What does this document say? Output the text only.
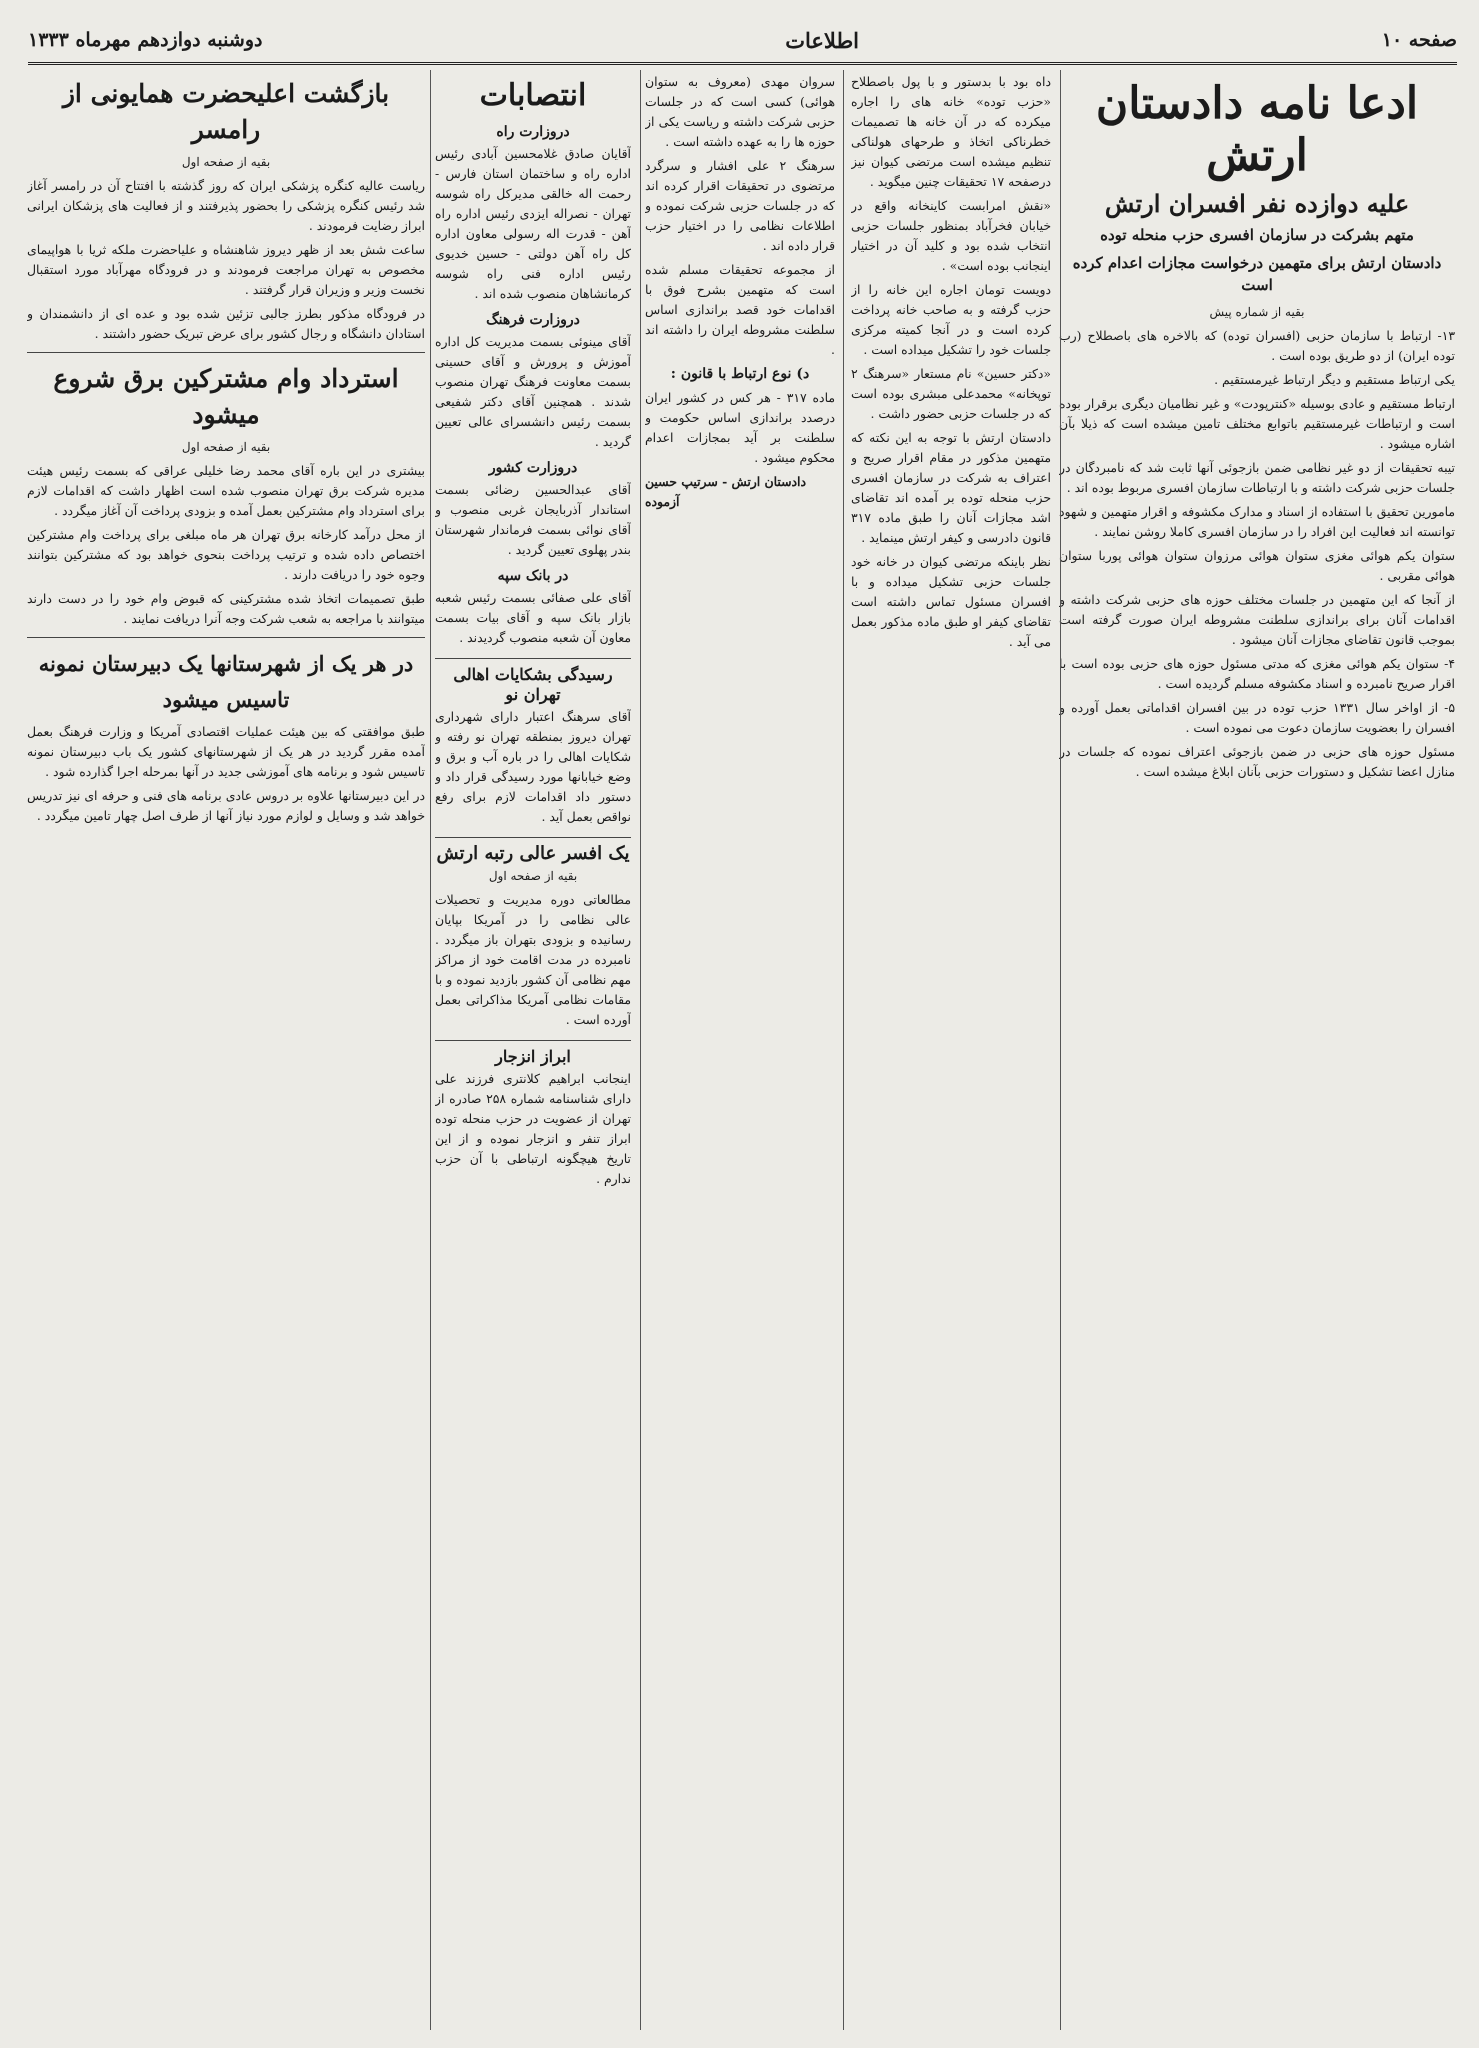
صفحه ۱۰
اطلاعات
دوشنبه دوازدهم مهرماه ۱۳۳۳
ادعا نامه دادستان ارتش
علیه دوازده نفر افسران ارتش
متهم بشرکت در سازمان افسری حزب منحله توده
دادستان ارتش برای متهمین درخواست مجازات اعدام کرده است
بقیه از شماره پیش

۱۳- ارتباط با سازمان حزبی (افسران توده) که بالاخره های باصطلاح (رب توده ایران) از دو طریق بوده است .

یکی ارتباط مستقیم و دیگر ارتباط غیرمستقیم .

ارتباط مستقیم و عادی بوسیله «کنترپودت» و غیر نظامیان دیگری برقرار بوده است و ارتباطات غیرمستقیم باتوابع مختلف تامین میشده است که ذیلا بآن اشاره میشود .

تیبه تحقیقات از دو غیر نظامی ضمن بازجوئی آنها ثابت شد که نامبردگان در جلسات حزبی شرکت داشته و با ارتباطات سازمان افسری مربوط بوده اند .

مامورین تحقیق با استفاده از اسناد و مدارک مکشوفه و اقرار متهمین و شهود توانسته اند فعالیت این افراد را در سازمان افسری کاملا روشن نمایند .

ستوان یکم هوائی مغزی ستوان هوائی مرزوان ستوان هوائی پوربا ستوان هوائی مقربی .

از آنجا که این متهمین در جلسات مختلف حوزه های حزبی شرکت داشته و اقدامات آنان برای براندازی سلطنت مشروطه ایران صورت گرفته است بموجب قانون تقاضای مجازات آنان میشود .

۴- ستوان یکم هوائی مغزی که مدتی مسئول حوزه های حزبی بوده است با اقرار صریح نامبرده و اسناد مکشوفه مسلم گردیده است .

۵- از اواخر سال ۱۳۳۱ حزب توده در بین افسران اقداماتی بعمل آورده و افسران را بعضویت سازمان دعوت می نموده است .

مسئول حوزه های حزبی در ضمن بازجوئی اعتراف نموده که جلسات در منازل اعضا تشکیل و دستورات حزبی بآنان ابلاغ میشده است .

داه بود با بدستور و با پول باصطلاح «حزب توده» خانه های را اجاره میکرده که در آن خانه ها تصمیمات خطرناکی اتخاذ و طرحهای هولناکی تنظیم میشده است مرتضی کیوان نیز درصفحه ۱۷ تحقیقات چنین میگوید .

«نقش امرابست کاینخانه واقع در خیابان فخرآباد بمنظور جلسات حزبی انتخاب شده بود و کلید آن در اختیار اینجانب بوده است» .

دویست تومان اجاره این خانه را از حزب گرفته و به صاحب خانه پرداخت کرده است و در آنجا کمیته مرکزی جلسات خود را تشکیل میداده است .

«دکتر حسین» نام مستعار «سرهنگ ۲ توپخانه» محمدعلی مبشری بوده است که در جلسات حزبی حضور داشت .

دادستان ارتش با توجه به این نکته که متهمین مذکور در مقام اقرار صریح و اعتراف به شرکت در سازمان افسری حزب منحله توده بر آمده اند تقاضای اشد مجازات آنان را طبق ماده ۳۱۷ قانون دادرسی و کیفر ارتش مینماید .

نظر باینکه مرتضی کیوان در خانه خود جلسات حزبی تشکیل میداده و با افسران مسئول تماس داشته است تقاضای کیفر او طبق ماده مذکور بعمل می آید .

سروان مهدی (معروف به ستوان هوائی) کسی است که در جلسات حزبی شرکت داشته و ریاست یکی از حوزه ها را به عهده داشته است .

سرهنگ ۲ علی افشار و سرگرد مرتضوی در تحقیقات اقرار کرده اند که در جلسات حزبی شرکت نموده و اطلاعات نظامی را در اختیار حزب قرار داده اند .

از مجموعه تحقیقات مسلم شده است که متهمین بشرح فوق با اقدامات خود قصد براندازی اساس سلطنت مشروطه ایران را داشته اند .

د) نوع ارتباط با قانون :

ماده ۳۱۷ - هر کس در کشور ایران درصدد براندازی اساس حکومت و سلطنت بر آید بمجازات اعدام محکوم میشود .

دادستان ارتش - سرتیپ حسین آزموده

انتصابات
دروزارت راه

آقایان صادق غلامحسین آبادی رئیس اداره راه و ساختمان استان فارس - رحمت اله خالقی مدیرکل راه شوسه تهران - نصراله ایزدی رئیس اداره راه آهن - قدرت اله رسولی معاون اداره کل راه آهن دولتی - حسین خدیوی رئیس اداره فنی راه شوسه کرمانشاهان منصوب شده اند .

دروزارت فرهنگ

آقای مینوئی بسمت مدیریت کل اداره آموزش و پرورش و آقای حسینی بسمت معاونت فرهنگ تهران منصوب شدند . همچنین آقای دکتر شفیعی بسمت رئیس دانشسرای عالی تعیین گردید .

دروزارت کشور

آقای عبدالحسین رضائی بسمت استاندار آذربایجان غربی منصوب و آقای نوائی بسمت فرماندار شهرستان بندر پهلوی تعیین گردید .

در بانک سپه

آقای علی صفائی بسمت رئیس شعبه بازار بانک سپه و آقای بیات بسمت معاون آن شعبه منصوب گردیدند .

رسیدگی بشکایات اهالی تهران نو

آقای سرهنگ اعتبار دارای شهرداری تهران دیروز بمنطقه تهران نو رفته و شکایات اهالی را در باره آب و برق و وضع خیابانها مورد رسیدگی قرار داد و دستور داد اقدامات لازم برای رفع نواقص بعمل آید .

یک افسر عالی رتبه ارتش
بقیه از صفحه اول

مطالعاتی دوره مدیریت و تحصیلات عالی نظامی را در آمریکا بپایان رسانیده و بزودی بتهران باز میگردد . نامبرده در مدت اقامت خود از مراکز مهم نظامی آن کشور بازدید نموده و با مقامات نظامی آمریکا مذاکراتی بعمل آورده است .

ابراز انزجار

اینجانب ابراهیم کلانتری فرزند علی دارای شناسنامه شماره ۲۵۸ صادره از تهران از عضویت در حزب منحله توده ابراز تنفر و انزجار نموده و از این تاریخ هیچگونه ارتباطی با آن حزب ندارم .

بازگشت اعلیحضرت همایونی از رامسر
بقیه از صفحه اول

ریاست عالیه کنگره پزشکی ایران که روز گذشته با افتتاح آن در رامسر آغاز شد رئیس کنگره پزشکی را بحضور پذیرفتند و از فعالیت های پزشکان ایرانی ابراز رضایت فرمودند .

ساعت شش بعد از ظهر دیروز شاهنشاه و علیاحضرت ملکه ثریا با هواپیمای مخصوص به تهران مراجعت فرمودند و در فرودگاه مهرآباد مورد استقبال نخست وزیر و وزیران قرار گرفتند .

در فرودگاه مذکور بطرز جالبی تزئین شده بود و عده ای از دانشمندان و استادان دانشگاه و رجال کشور برای عرض تبریک حضور داشتند .

استرداد وام مشترکین برق شروع میشود
بقیه از صفحه اول

بیشتری در این باره آقای محمد رضا خلیلی عراقی که بسمت رئیس هیئت مدیره شرکت برق تهران منصوب شده است اظهار داشت که اقدامات لازم برای استرداد وام مشترکین بعمل آمده و بزودی پرداخت آن آغاز میگردد .

از محل درآمد کارخانه برق تهران هر ماه مبلغی برای پرداخت وام مشترکین اختصاص داده شده و ترتیب پرداخت بنحوی خواهد بود که مشترکین بتوانند وجوه خود را دریافت دارند .

طبق تصمیمات اتخاذ شده مشترکینی که قبوض وام خود را در دست دارند میتوانند با مراجعه به شعب شرکت وجه آنرا دریافت نمایند .

در هر یک از شهرستانها یک دبیرستان نمونه تاسیس میشود

طبق موافقتی که بین هیئت عملیات اقتصادی آمریکا و وزارت فرهنگ بعمل آمده مقرر گردید در هر یک از شهرستانهای کشور یک باب دبیرستان نمونه تاسیس شود و برنامه های آموزشی جدید در آنها بمرحله اجرا گذارده شود .

در این دبیرستانها علاوه بر دروس عادی برنامه های فنی و حرفه ای نیز تدریس خواهد شد و وسایل و لوازم مورد نیاز آنها از طرف اصل چهار تامین میگردد .
